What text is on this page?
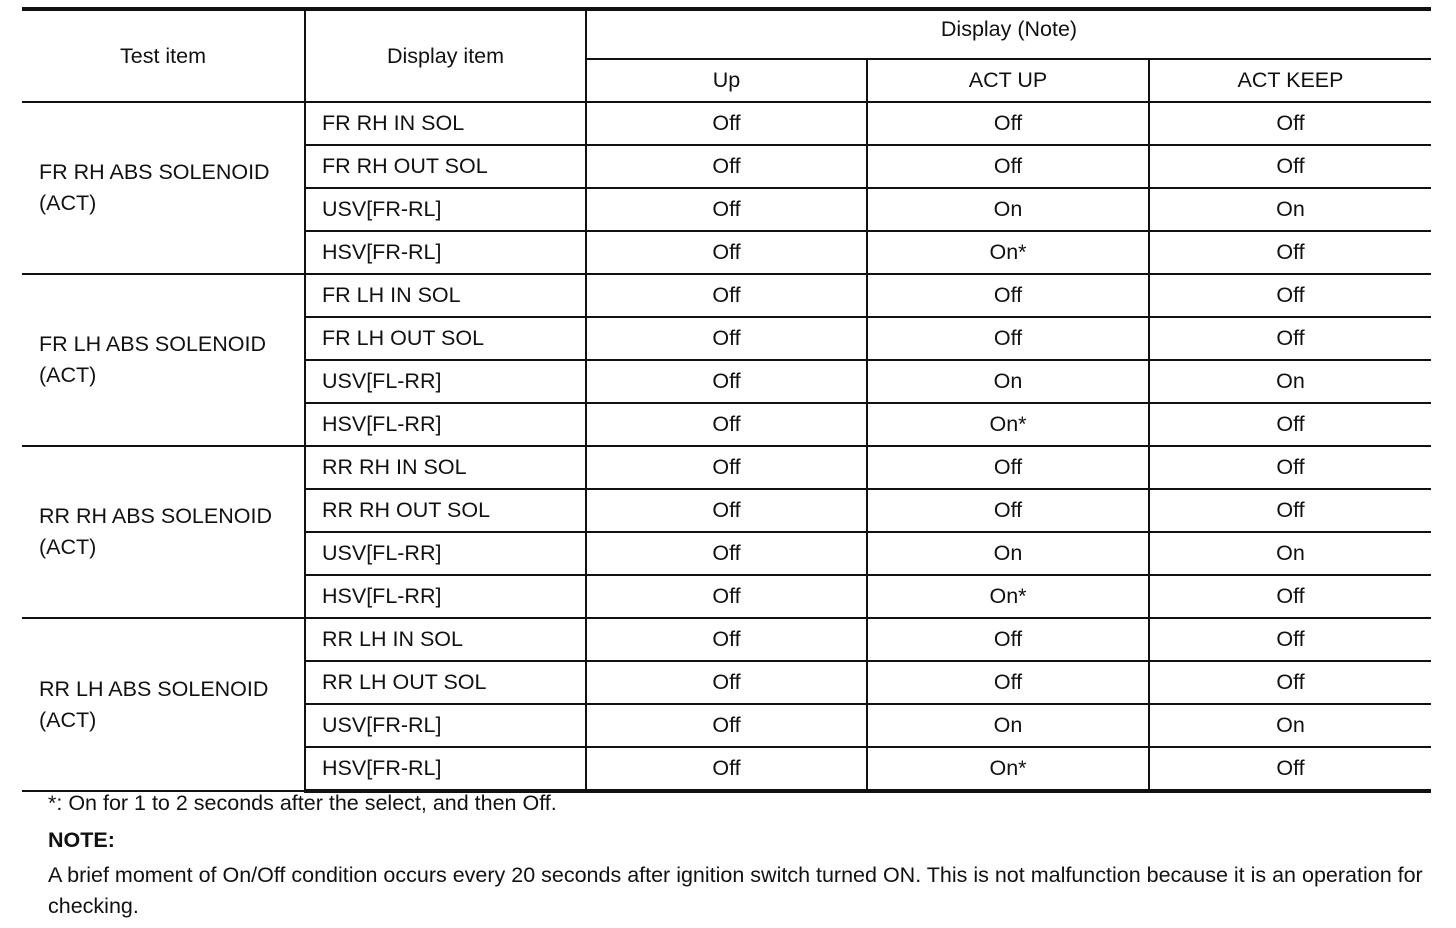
Test item	Display item	Display (Note)		
		Up	ACT UP	ACT KEEP
FR RH ABS SOLENOID (ACT)	FR RH IN SOL	Off	Off	Off
	FR RH OUT SOL	Off	Off	Off
	USV[FR-RL]	Off	On	On
	HSV[FR-RL]	Off	On*	Off
FR LH ABS SOLENOID (ACT)	FR LH IN SOL	Off	Off	Off
	FR LH OUT SOL	Off	Off	Off
	USV[FL-RR]	Off	On	On
	HSV[FL-RR]	Off	On*	Off
RR RH ABS SOLENOID (ACT)	RR RH IN SOL	Off	Off	Off
	RR RH OUT SOL	Off	Off	Off
	USV[FL-RR]	Off	On	On
	HSV[FL-RR]	Off	On*	Off
RR LH ABS SOLENOID (ACT)	RR LH IN SOL	Off	Off	Off
	RR LH OUT SOL	Off	Off	Off
	USV[FR-RL]	Off	On	On
	HSV[FR-RL]	Off	On*	Off

*: On for 1 to 2 seconds after the select, and then Off.

NOTE:

A brief moment of On/Off condition occurs every 20 seconds after ignition switch turned ON. This is not malfunction because it is an operation for checking.
